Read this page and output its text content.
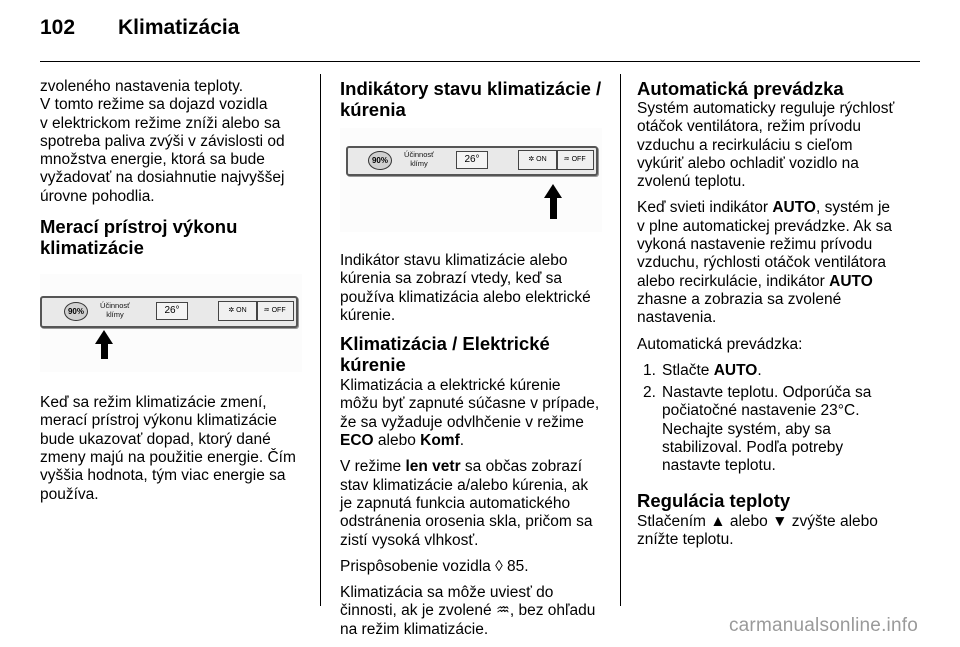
102 Klimatizácia

zvoleného nastavenia teploty.
V tomto režime sa dojazd vozidla
v elektrickom režime zníži alebo sa
spotreba paliva zvýši v závislosti od
množstva energie, ktorá sa bude
vyžadovať na dosiahnutie najvyššej
úrovne pohodlia.

Merací prístroj výkonu
klimatizácie
90%
Účinnosť
klímy	26°	✲ ON	♒ OFF

Keď sa režim klimatizácie zmení,
merací prístroj výkonu klimatizácie
bude ukazovať dopad, ktorý dané
zmeny majú na použitie energie. Čím
vyššia hodnota, tým viac energie sa
používa.

Indikátory stavu klimatizácie /
kúrenia
90%
Účinnosť
klímy	26°	✲ ON	♒ OFF

Indikátor stavu klimatizácie alebo
kúrenia sa zobrazí vtedy, keď sa
používa klimatizácia alebo elektrické
kúrenie.

Klimatizácia / Elektrické kúrenie

Klimatizácia a elektrické kúrenie
môžu byť zapnuté súčasne v prípade,
že sa vyžaduje odvlhčenie v režime
ECO alebo Komf.

V režime len vetr sa občas zobrazí
stav klimatizácie a/alebo kúrenia, ak
je zapnutá funkcia automatického
odstránenia orosenia skla, pričom sa
zistí vysoká vlhkosť.

Prispôsobenie vozidla ◊ 85.

Klimatizácia sa môže uviesť do
činnosti, ak je zvolené ♒, bez ohľadu
na režim klimatizácie.

Automatická prevádzka

Systém automaticky reguluje rýchlosť
otáčok ventilátora, režim prívodu
vzduchu a recirkuláciu s cieľom
vykúriť alebo ochladiť vozidlo na
zvolenú teplotu.

Keď svieti indikátor AUTO, systém je
v plne automatickej prevádzke. Ak sa
vykoná nastavenie režimu prívodu
vzduchu, rýchlosti otáčok ventilátora
alebo recirkulácie, indikátor AUTO
zhasne a zobrazia sa zvolené
nastavenia.

Automatická prevádzka:

1. Stlačte AUTO.
2. Nastavte teplotu. Odporúča sa
počiatočné nastavenie 23°C.
Nechajte systém, aby sa
stabilizoval. Podľa potreby
nastavte teplotu.
Regulácia teploty

Stlačením ▲ alebo ▼ zvýšte alebo
znížte teplotu.

carmanualsonline.info
